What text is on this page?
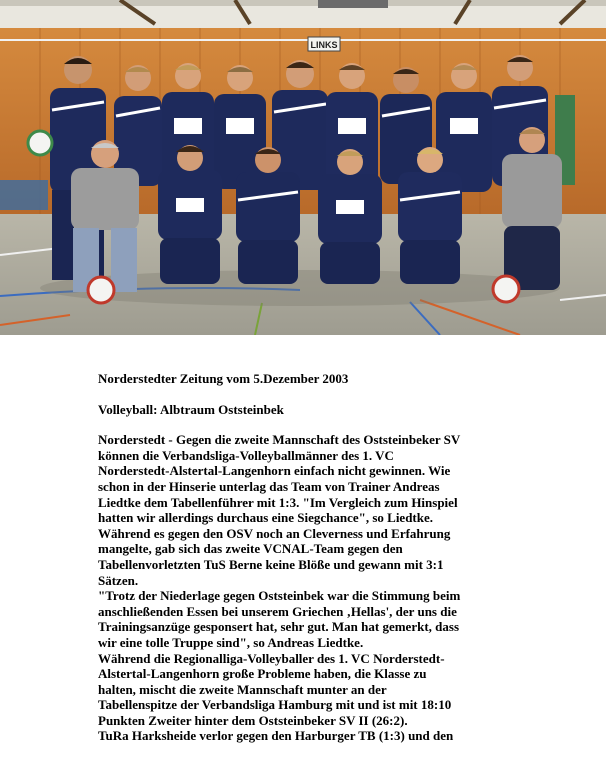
LINKS
Norderstedter Zeitung vom 5.Dezember 2003
Volleyball: Albtraum Oststeinbek
Norderstedt - Gegen die zweite Mannschaft des Oststeinbeker SV
können die Verbandsliga-Volleyballmänner des 1. VC
Norderstedt-Alstertal-Langenhorn einfach nicht gewinnen. Wie
schon in der Hinserie unterlag das Team von Trainer Andreas
Liedtke dem Tabellenführer mit 1:3. "Im Vergleich zum Hinspiel
hatten wir allerdings durchaus eine Siegchance", so Liedtke.
Während es gegen den OSV noch an Cleverness und Erfahrung
mangelte, gab sich das zweite VCNAL-Team gegen den
Tabellenvorletzten TuS Berne keine Blöße und gewann mit 3:1
Sätzen.
"Trotz der Niederlage gegen Oststeinbek war die Stimmung beim
anschließenden Essen bei unserem Griechen ‚Hellas', der uns die
Trainingsanzüge gesponsert hat, sehr gut. Man hat gemerkt, dass
wir eine tolle Truppe sind", so Andreas Liedtke.
Während die Regionalliga-Volleyballer des 1. VC Norderstedt-
Alstertal-Langenhorn große Probleme haben, die Klasse zu
halten, mischt die zweite Mannschaft munter an der
Tabellenspitze der Verbandsliga Hamburg mit und ist mit 18:10
Punkten Zweiter hinter dem Oststeinbeker SV II (26:2).
TuRa Harksheide verlor gegen den Harburger TB (1:3) und den
